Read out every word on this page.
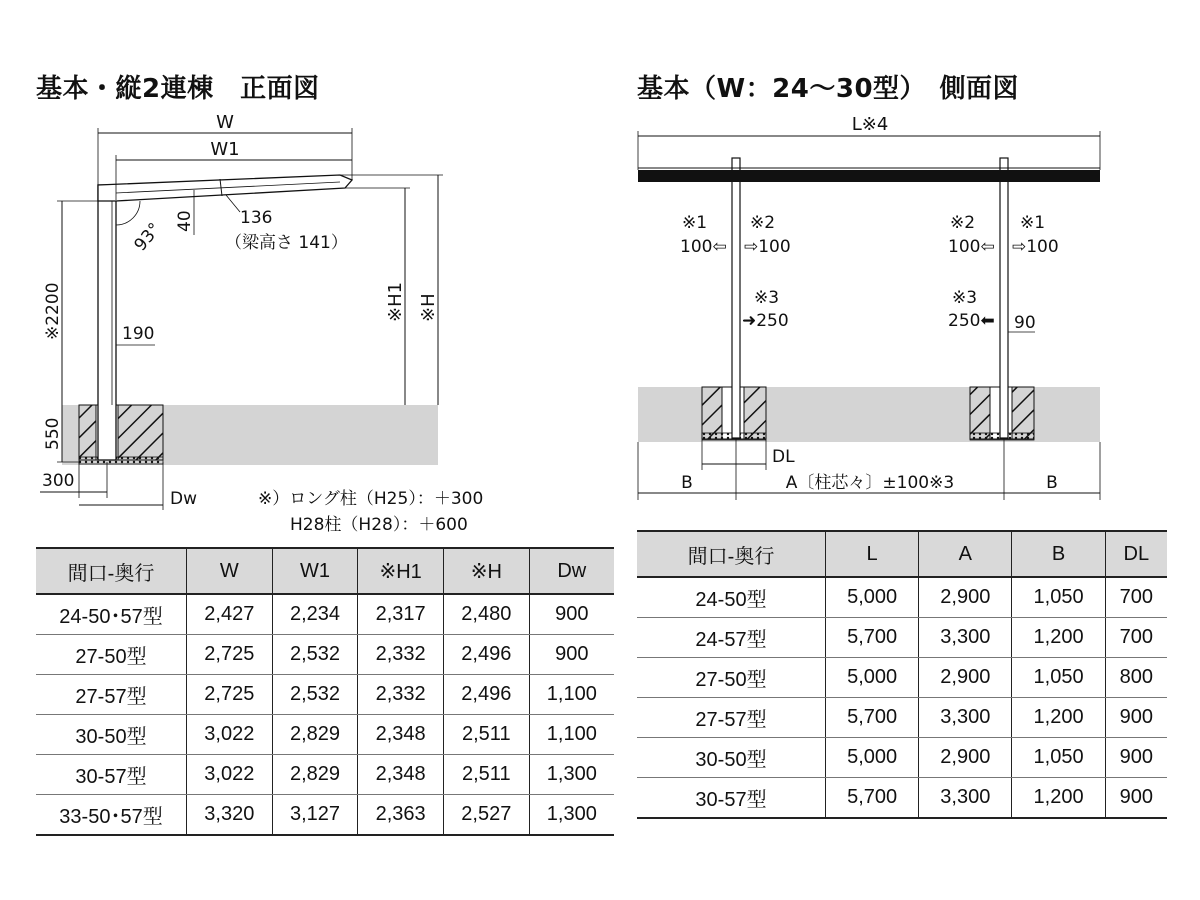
基本・縦2連棟　正面図
W
W1
93° 40	136
（梁高さ 141）
※2200	190
※H1 ※H
550
300
Dw	※）ロング柱（H25）：＋300
H28柱（H28）：＋600
間口-奥行	W	W1	※H1	※H	Dw
24-50･57型	2,427	2,234	2,317	2,480	900
27-50型	2,725	2,532	2,332	2,496	900
27-57型	2,725	2,532	2,332	2,496	1,100
30-50型	3,022	2,829	2,348	2,511	1,100
30-57型	3,022	2,829	2,348	2,511	1,300
33-50･57型	3,320	3,127	2,363	2,527	1,300
基本（W：24～30型）　側面図
L※4
※1
100⇦
※2
⇨100
※3
➜250
※2
100⇦
※1
⇨100
※3
250⬅ 90
DL
B	A〔柱芯々〕±100※3	B
間口-奥行	L	A	B	DL
24-50型	5,000	2,900	1,050	700
24-57型	5,700	3,300	1,200	700
27-50型	5,000	2,900	1,050	800
27-57型	5,700	3,300	1,200	900
30-50型	5,000	2,900	1,050	900
30-57型	5,700	3,300	1,200	900
